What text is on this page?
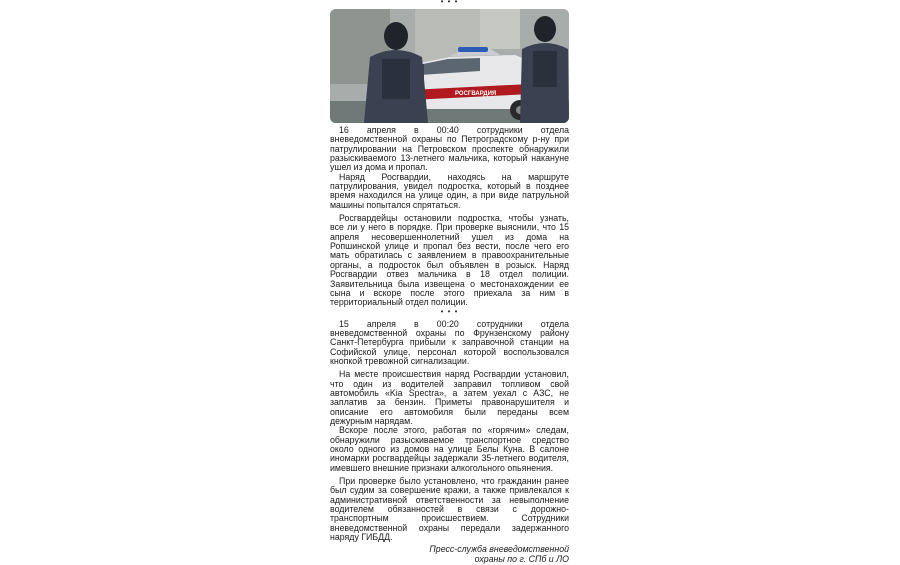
• • •
РОСГВАРДИЯ

16 апреля в 00:40 сотрудники отдела вневедомственной охраны по Петроградскому р-ну при патрулировании на Петровском проспекте обнаружили разыскиваемого 13-летнего мальчика, который накануне ушел из дома и пропал.

Наряд Росгвардии, находясь на маршруте патрулирования, увидел подростка, который в позднее время находился на улице один, а при виде патрульной машины попытался спрятаться.

Росгвардейцы остановили подростка, чтобы узнать, все ли у него в порядке. При проверке выяснили, что 15 апреля несовершеннолетний ушел из дома на Ропшинской улице и пропал без вести, после чего его мать обратилась с заявлением в правоохранительные органы, а подросток был объявлен в розыск. Наряд Росгвардии отвез мальчика в 18 отдел полиции. Заявительница была извещена о местонахождении ее сына и вскоре после этого приехала за ним в территориальный отдел полиции.

• • •

15 апреля в 00:20 сотрудники отдела вневедомственной охраны по Фрунзенскому району Санкт-Петербурга прибыли к заправочной станции на Софийской улице, персонал которой воспользовался кнопкой тревожной сигнализации.

На месте происшествия наряд Росгвардии установил, что один из водителей заправил топливом свой автомобиль «Kia Spectra», а затем уехал с АЗС, не заплатив за бензин. Приметы правонарушителя и описание его автомобиля были переданы всем дежурным нарядам.

Вскоре после этого, работая по «горячим» следам, обнаружили разыскиваемое транспортное средство около одного из домов на улице Белы Куна. В салоне иномарки росгвардейцы задержали 35-летнего водителя, имевшего внешние признаки алкогольного опьянения.

При проверке было установлено, что гражданин ранее был судим за совершение кражи, а также привлекался к административной ответственности за невыполнение водителем обязанностей в связи с дорожно-транспортным происшествием. Сотрудники вневедомственной охраны передали задержанного наряду ГИБДД.

Пресс-служба вневедомственной
охраны по г. СПб и ЛО
